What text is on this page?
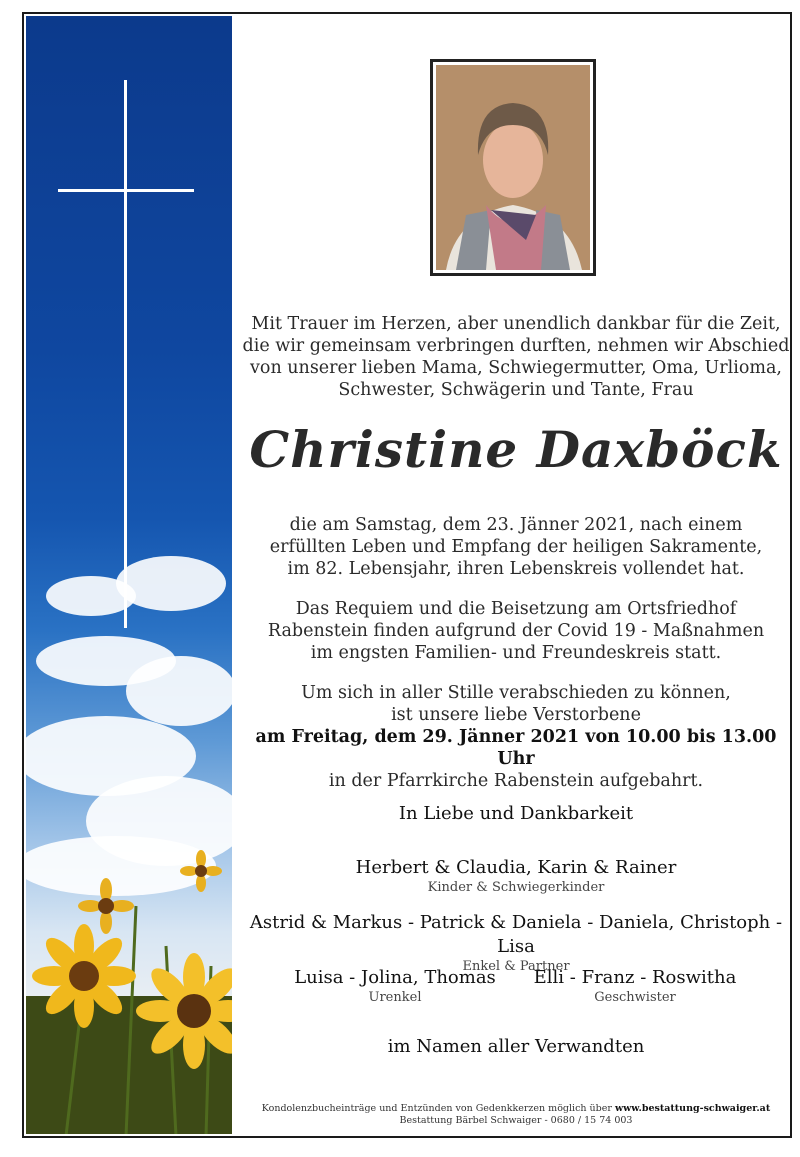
Mit Trauer im Herzen, aber unendlich dankbar für die Zeit,
die wir gemeinsam verbringen durften, nehmen wir Abschied
von unserer lieben Mama, Schwiegermutter, Oma, Urlioma,
Schwester, Schwägerin und Tante, Frau
Christine Daxböck
die am Samstag, dem 23. Jänner 2021, nach einem
erfüllten Leben und Empfang der heiligen Sakramente,
im 82. Lebensjahr, ihren Lebenskreis vollendet hat.
Das Requiem und die Beisetzung am Ortsfriedhof
Rabenstein finden aufgrund der Covid 19 - Maßnahmen
im engsten Familien- und Freundeskreis statt.
Um sich in aller Stille verabschieden zu können,
ist unsere liebe Verstorbene
am Freitag, dem 29. Jänner 2021 von 10.00 bis 13.00 Uhr
in der Pfarrkirche Rabenstein aufgebahrt.
In Liebe und Dankbarkeit
Herbert & Claudia, Karin & Rainer
Kinder & Schwiegerkinder
Astrid & Markus - Patrick & Daniela - Daniela, Christoph - Lisa
Enkel & Partner
Luisa - Jolina, Thomas
Urenkel
Elli - Franz - Roswitha
Geschwister
im Namen aller Verwandten
Kondolenzbucheinträge und Entzünden von Gedenkkerzen möglich über www.bestattung-schwaiger.at
Bestattung Bärbel Schwaiger - 0680 / 15 74 003
